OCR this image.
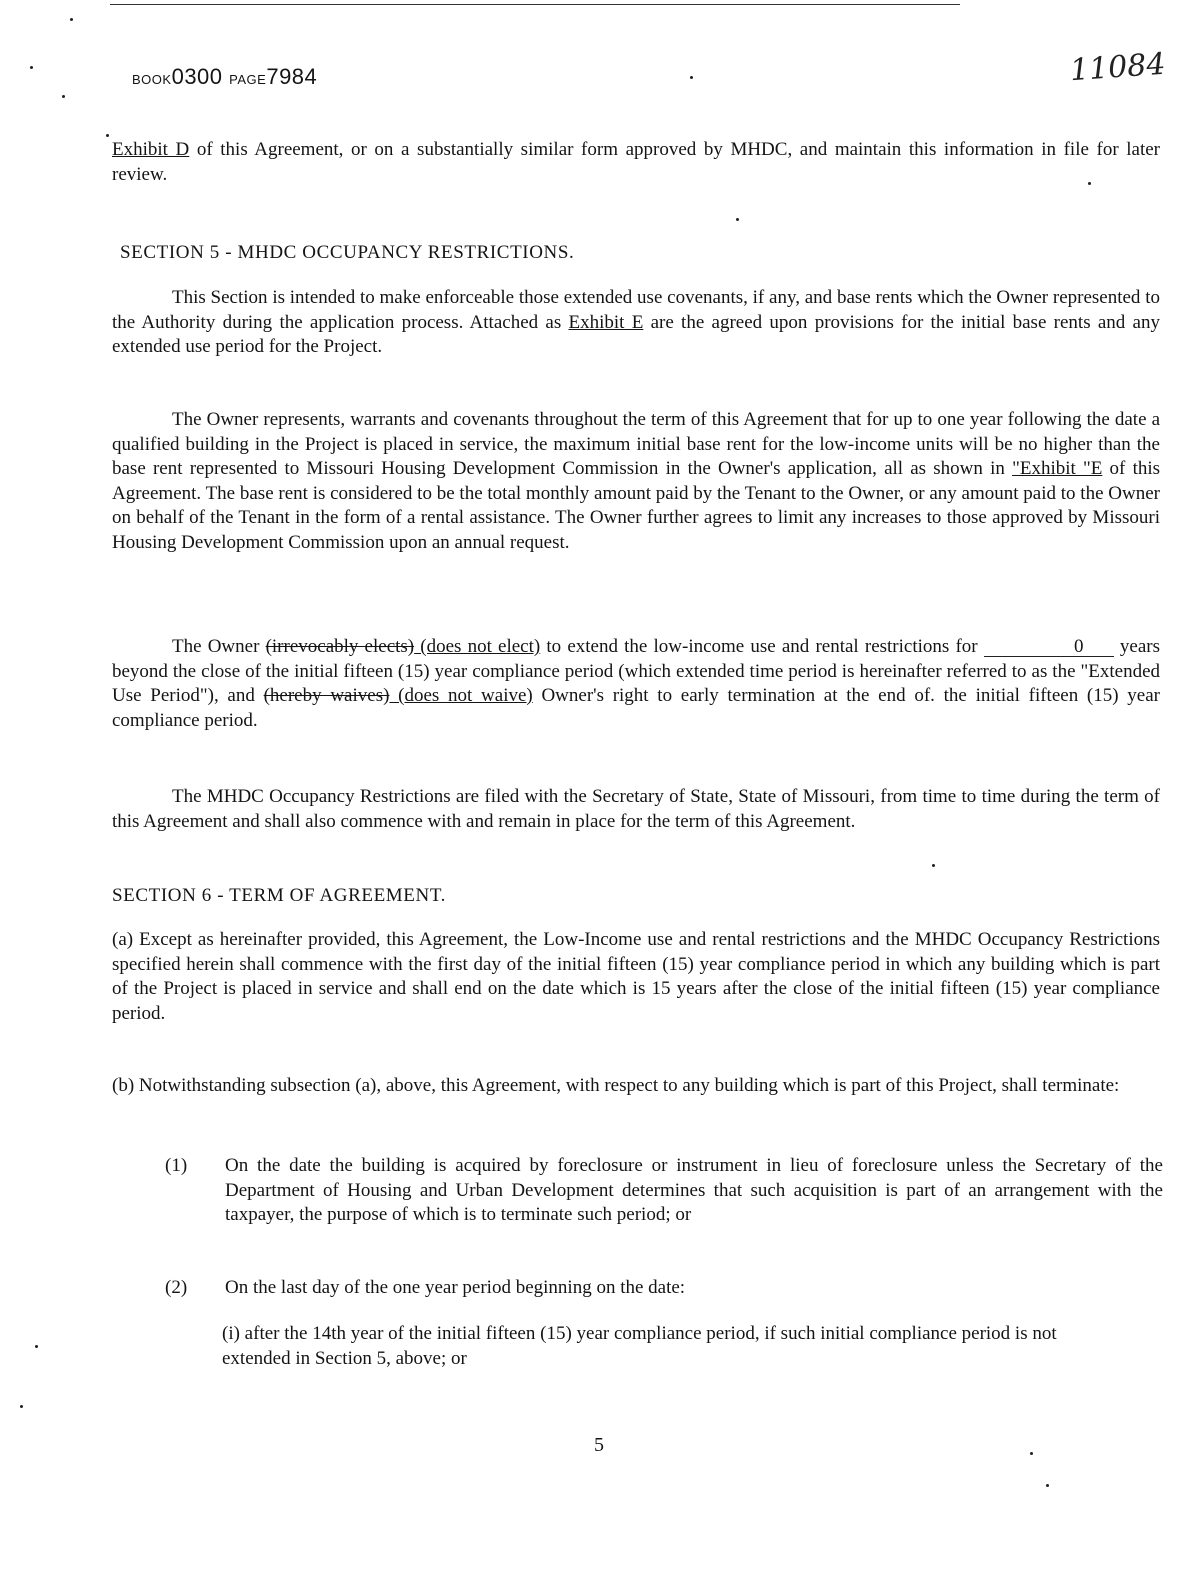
BOOK0300 PAGE7984	11084
Exhibit D of this Agreement, or on a substantially similar form approved by MHDC, and maintain this information in file for later review.
SECTION 5 - MHDC OCCUPANCY RESTRICTIONS.
This Section is intended to make enforceable those extended use covenants, if any, and base rents which the Owner represented to the Authority during the application process. Attached as Exhibit E are the agreed upon provisions for the initial base rents and any extended use period for the Project.
The Owner represents, warrants and covenants throughout the term of this Agreement that for up to one year following the date a qualified building in the Project is placed in service, the maximum initial base rent for the low-income units will be no higher than the base rent represented to Missouri Housing Development Commission in the Owner's application, all as shown in "Exhibit "E of this Agreement. The base rent is considered to be the total monthly amount paid by the Tenant to the Owner, or any amount paid to the Owner on behalf of the Tenant in the form of a rental assistance. The Owner further agrees to limit any increases to those approved by Missouri Housing Development Commission upon an annual request.
The Owner (irrevocably elects) (does not elect) to extend the low-income use and rental restrictions for	0 years beyond the close of the initial fifteen (15) year compliance period (which extended time period is hereinafter referred to as the "Extended Use Period"), and (hereby waives) (does not waive) Owner's right to early termination at the end of. the initial fifteen (15) year compliance period.
The MHDC Occupancy Restrictions are filed with the Secretary of State, State of Missouri, from time to time during the term of this Agreement and shall also commence with and remain in place for the term of this Agreement.
SECTION 6 - TERM OF AGREEMENT.
(a) Except as hereinafter provided, this Agreement, the Low-Income use and rental restrictions and the MHDC Occupancy Restrictions specified herein shall commence with the first day of the initial fifteen (15) year compliance period in which any building which is part of the Project is placed in service and shall end on the date which is 15 years after the close of the initial fifteen (15) year compliance period.
(b) Notwithstanding subsection (a), above, this Agreement, with respect to any building which is part of this Project, shall terminate:
(1) On the date the building is acquired by foreclosure or instrument in lieu of foreclosure unless the Secretary of the Department of Housing and Urban Development determines that such acquisition is part of an arrangement with the taxpayer, the purpose of which is to terminate such period; or
(2) On the last day of the one year period beginning on the date:
(i) after the 14th year of the initial fifteen (15) year compliance period, if such initial compliance period is not extended in Section 5, above; or
5
